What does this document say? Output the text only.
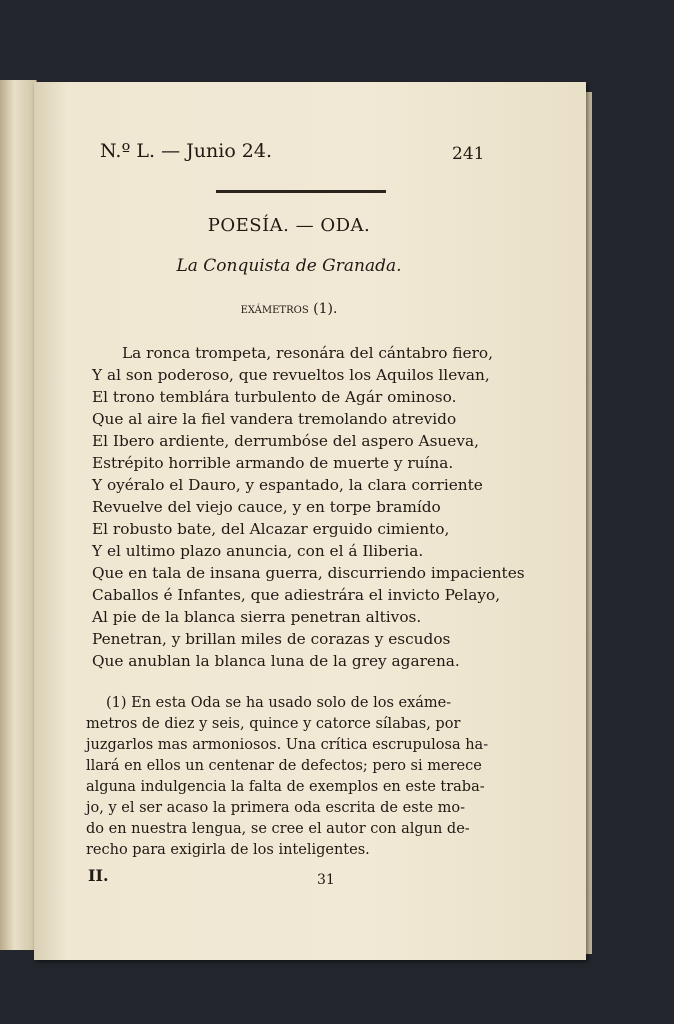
N.º L. — Junio 24.	241
POESÍA. — ODA.
La Conquista de Granada.
exámetros (1).
La ronca trompeta, resonára del cántabro fiero,
Y al son poderoso, que revueltos los Aquilos llevan,
El trono temblára turbulento de Agár ominoso.
Que al aire la fiel vandera tremolando atrevido
El Ibero ardiente, derrumbóse del aspero Asueva,
Estrépito horrible armando de muerte y ruína.
Y oyéralo el Dauro, y espantado, la clara corriente
Revuelve del viejo cauce, y en torpe bramído
El robusto bate, del Alcazar erguido cimiento,
Y el ultimo plazo anuncia, con el á Iliberia.
Que en tala de insana guerra, discurriendo impacientes
Caballos é Infantes, que adiestrára el invicto Pelayo,
Al pie de la blanca sierra penetran altivos.
Penetran, y brillan miles de corazas y escudos
Que anublan la blanca luna de la grey agarena.
(1) En esta Oda se ha usado solo de los exáme-
metros de diez y seis, quince y catorce sílabas, por
juzgarlos mas armoniosos. Una crítica escrupulosa ha-
llará en ellos un centenar de defectos; pero si merece
alguna indulgencia la falta de exemplos en este traba-
jo, y el ser acaso la primera oda escrita de este mo-
do en nuestra lengua, se cree el autor con algun de-
recho para exigirla de los inteligentes.
II.	31
